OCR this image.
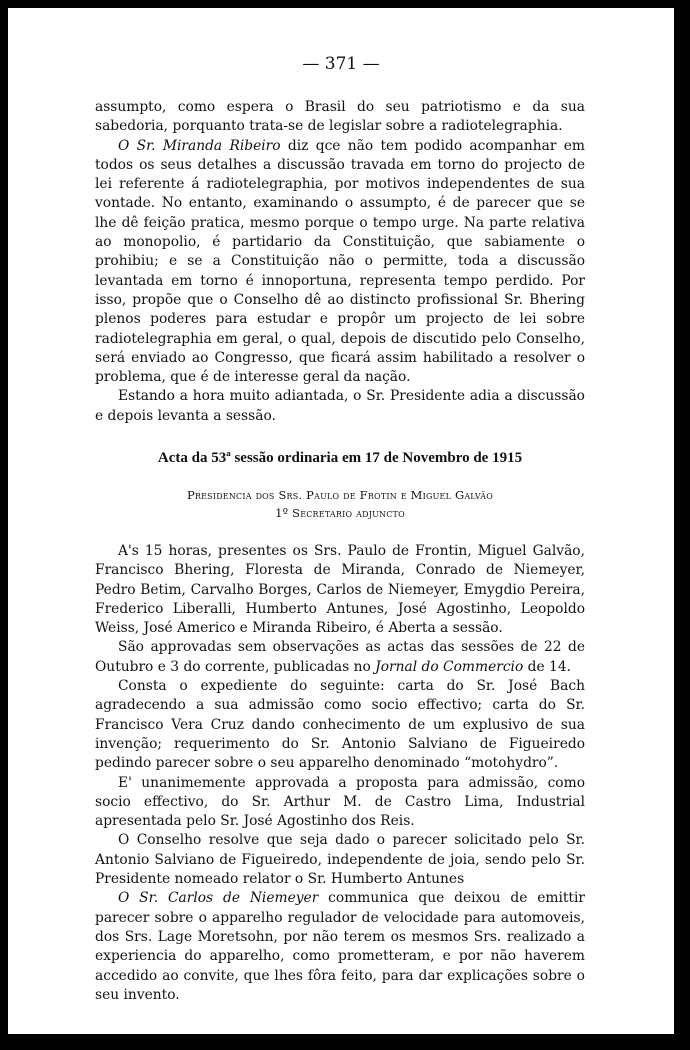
— 371 —

assumpto, como espera o Brasil do seu patriotismo e da sua sabedoria, porquanto trata-se de legislar sobre a radiotelegraphia.

O Sr. Miranda Ribeiro diz qce não tem podido acompanhar em todos os seus detalhes a discussão travada em torno do projecto de lei referente á radiotelegraphia, por motivos independentes de sua vontade. No entanto, examinando o assumpto, é de parecer que se lhe dê feição pratica, mesmo porque o tempo urge. Na parte relativa ao monopolio, é partidario da Constituição, que sabiamente o prohibiu; e se a Constituição não o permitte, toda a discussão levantada em torno é innoportuna, representa tempo perdido. Por isso, propõe que o Conselho dê ao distincto profissional Sr. Bhering plenos poderes para estudar e propôr um projecto de lei sobre radiotelegraphia em geral, o qual, depois de discutido pelo Conselho, será enviado ao Congresso, que ficará assim habilitado a resolver o problema, que é de interesse geral da nação.

Estando a hora muito adiantada, o Sr. Presidente adia a discussão e depois levanta a sessão.

Acta da 53ª sessão ordinaria em 17 de Novembro de 1915
Presidencia dos Srs. Paulo de Frotin e Miguel Galvão
1º Secretario adjuncto

A's 15 horas, presentes os Srs. Paulo de Frontin, Miguel Galvão, Francisco Bhering, Floresta de Miranda, Conrado de Niemeyer, Pedro Betim, Carvalho Borges, Carlos de Niemeyer, Emygdio Pereira, Frederico Liberalli, Humberto Antunes, José Agostinho, Leopoldo Weiss, José Americo e Miranda Ribeiro, é Aberta a sessão.

São approvadas sem observações as actas das sessões de 22 de Outubro e 3 do corrente, publicadas no Jornal do Commercio de 14.

Consta o expediente do seguinte: carta do Sr. José Bach agradecendo a sua admissão como socio effectivo; carta do Sr. Francisco Vera Cruz dando conhecimento de um explusivo de sua invenção; requerimento do Sr. Antonio Salviano de Figueiredo pedindo parecer sobre o seu apparelho denominado “motohydro”.

E' unanimemente approvada a proposta para admissão, como socio effectivo, do Sr. Arthur M. de Castro Lima, Industrial apresentada pelo Sr. José Agostinho dos Reis.

O Conselho resolve que seja dado o parecer solicitado pelo Sr. Antonio Salviano de Figueiredo, independente de joia, sendo pelo Sr. Presidente nomeado relator o Sr. Humberto Antunes

O Sr. Carlos de Niemeyer communica que deixou de emittir parecer sobre o apparelho regulador de velocidade para automoveis, dos Srs. Lage Moretsohn, por não terem os mesmos Srs. realizado a experiencia do apparelho, como prometteram, e por não haverem accedido ao convite, que lhes fôra feito, para dar explicações sobre o seu invento.
